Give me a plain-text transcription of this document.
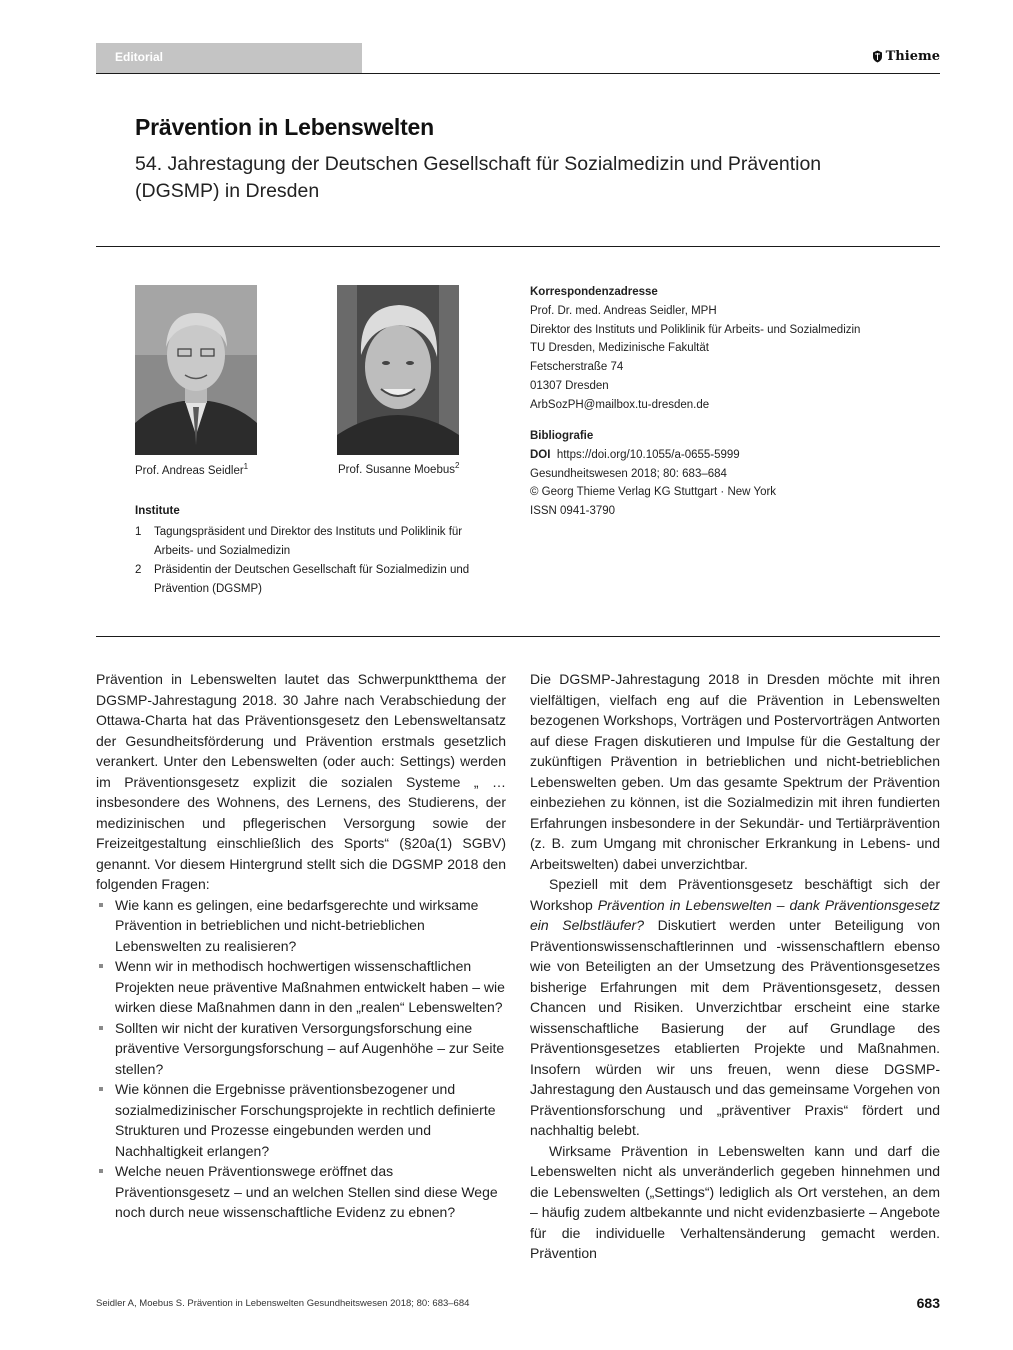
Editorial	Thieme
Prävention in Lebenswelten
54. Jahrestagung der Deutschen Gesellschaft für Sozialmedizin und Prävention (DGSMP) in Dresden
Prof. Andreas Seidler$^1$	Prof. Susanne Moebus$^2$
Institute
1	Tagungspräsident und Direktor des Instituts und Poliklinik für Arbeits- und Sozialmedizin
2	Präsidentin der Deutschen Gesellschaft für Sozialmedizin und Prävention (DGSMP)
Korrespondenzadresse
Prof. Dr. med. Andreas Seidler, MPH
Direktor des Instituts und Poliklinik für Arbeits- und Sozialmedizin
TU Dresden, Medizinische Fakultät
Fetscherstraße 74
01307 Dresden
ArbSozPH@mailbox.tu-dresden.de
Bibliografie
DOI https://doi.org/10.1055/a-0655-5999
Gesundheitswesen 2018; 80: 683–684
© Georg Thieme Verlag KG Stuttgart · New York
ISSN 0941-3790

Prävention in Lebenswelten lautet das Schwerpunktthema der DGSMP-Jahrestagung 2018. 30 Jahre nach Verabschiedung der Ottawa-Charta hat das Präventionsgesetz den Lebensweltansatz der Gesundheitsförderung und Prävention erstmals gesetzlich verankert. Unter den Lebenswelten (oder auch: Settings) werden im Präventionsgesetz explizit die sozialen Systeme „ …insbesondere des Wohnens, des Lernens, des Studierens, der medizinischen und pflegerischen Versorgung sowie der Freizeitgestaltung einschließlich des Sports“ (§20a(1) SGBV) genannt. Vor diesem Hintergrund stellt sich die DGSMP 2018 den folgenden Fragen:

Wie kann es gelingen, eine bedarfsgerechte und wirksame Prävention in betrieblichen und nicht-betrieblichen Lebenswelten zu realisieren?
Wenn wir in methodisch hochwertigen wissenschaftlichen Projekten neue präventive Maßnahmen entwickelt haben – wie wirken diese Maßnahmen dann in den „realen“ Lebenswelten?
Sollten wir nicht der kurativen Versorgungsforschung eine präventive Versorgungsforschung – auf Augenhöhe – zur Seite stellen?
Wie können die Ergebnisse präventionsbezogener und sozialmedizinischer Forschungsprojekte in rechtlich definierte Strukturen und Prozesse eingebunden werden und Nachhaltigkeit erlangen?
Welche neuen Präventionswege eröffnet das Präventionsgesetz – und an welchen Stellen sind diese Wege noch durch neue wissenschaftliche Evidenz zu ebnen?

Die DGSMP-Jahrestagung 2018 in Dresden möchte mit ihren vielfältigen, vielfach eng auf die Prävention in Lebenswelten bezogenen Workshops, Vorträgen und Postervorträgen Antworten auf diese Fragen diskutieren und Impulse für die Gestaltung der zukünftigen Prävention in betrieblichen und nicht-betrieblichen Lebenswelten geben. Um das gesamte Spektrum der Prävention einbeziehen zu können, ist die Sozialmedizin mit ihren fundierten Erfahrungen insbesondere in der Sekundär- und Tertiärprävention (z. B. zum Umgang mit chronischer Erkrankung in Lebens- und Arbeitswelten) dabei unverzichtbar.

Speziell mit dem Präventionsgesetz beschäftigt sich der Workshop Prävention in Lebenswelten – dank Präventionsgesetz ein Selbstläufer? Diskutiert werden unter Beteiligung von Präventionswissenschaftlerinnen und -wissenschaftlern ebenso wie von Beteiligten an der Umsetzung des Präventionsgesetzes bisherige Erfahrungen mit dem Präventionsgesetz, dessen Chancen und Risiken. Unverzichtbar erscheint eine starke wissenschaftliche Basierung der auf Grundlage des Präventionsgesetzes etablierten Projekte und Maßnahmen. Insofern würden wir uns freuen, wenn diese DGSMP-Jahrestagung den Austausch und das gemeinsame Vorgehen von Präventionsforschung und „präventiver Praxis“ fördert und nachhaltig belebt.

Wirksame Prävention in Lebenswelten kann und darf die Lebenswelten nicht als unveränderlich gegeben hinnehmen und die Lebenswelten („Settings“) lediglich als Ort verstehen, an dem – häufig zudem altbekannte und nicht evidenzbasierte – Angebote für die individuelle Verhaltensänderung gemacht werden. Prävention

Seidler A, Moebus S. Prävention in Lebenswelten Gesundheitswesen 2018; 80: 683–684	683
